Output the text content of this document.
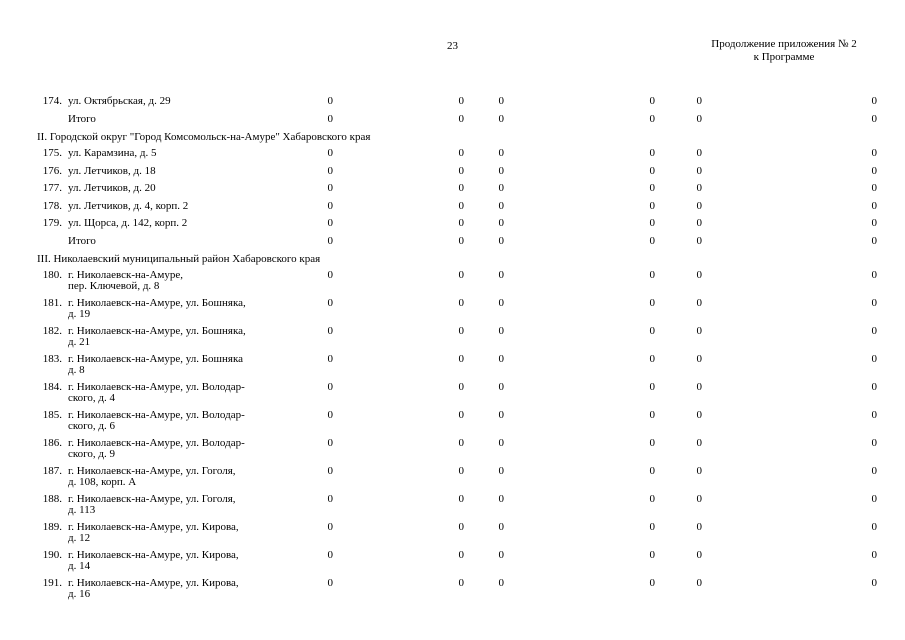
23	Продолжение приложения № 2
к Программе
174. ул. Октябрьская, д. 29	0	0	0	0	0	0
Итого	0	0	0	0	0	0
II. Городской округ "Город Комсомольск-на-Амуре" Хабаровского края
175. ул. Карамзина, д. 5	0	0	0	0	0	0
176. ул. Летчиков, д. 18	0	0	0	0	0	0
177. ул. Летчиков, д. 20	0	0	0	0	0	0
178. ул. Летчиков, д. 4, корп. 2	0	0	0	0	0	0
179. ул. Щорса, д. 142, корп. 2	0	0	0	0	0	0
Итого	0	0	0	0	0	0
III. Николаевский муниципальный район Хабаровского края
180. г. Николаевск-на-Амуре,
пер. Ключевой, д. 8
0	0	0	0	0	0
181. г. Николаевск-на-Амуре, ул. Бошняка,
д. 19
0	0	0	0	0	0
182. г. Николаевск-на-Амуре, ул. Бошняка,
д. 21
0	0	0	0	0	0
183. г. Николаевск-на-Амуре, ул. Бошняка
д. 8
0	0	0	0	0	0
184. г. Николаевск-на-Амуре, ул. Володар-
ского, д. 4
0	0	0	0	0	0
185. г. Николаевск-на-Амуре, ул. Володар-
ского, д. 6
0	0	0	0	0	0
186. г. Николаевск-на-Амуре, ул. Володар-
ского, д. 9
0	0	0	0	0	0
187. г. Николаевск-на-Амуре, ул. Гоголя,
д. 108, корп. А
0	0	0	0	0	0
188. г. Николаевск-на-Амуре, ул. Гоголя,
д. 113
0	0	0	0	0	0
189. г. Николаевск-на-Амуре, ул. Кирова,
д. 12
0	0	0	0	0	0
190. г. Николаевск-на-Амуре, ул. Кирова,
д. 14
0	0	0	0	0	0
191. г. Николаевск-на-Амуре, ул. Кирова,
д. 16
0	0	0	0	0	0
